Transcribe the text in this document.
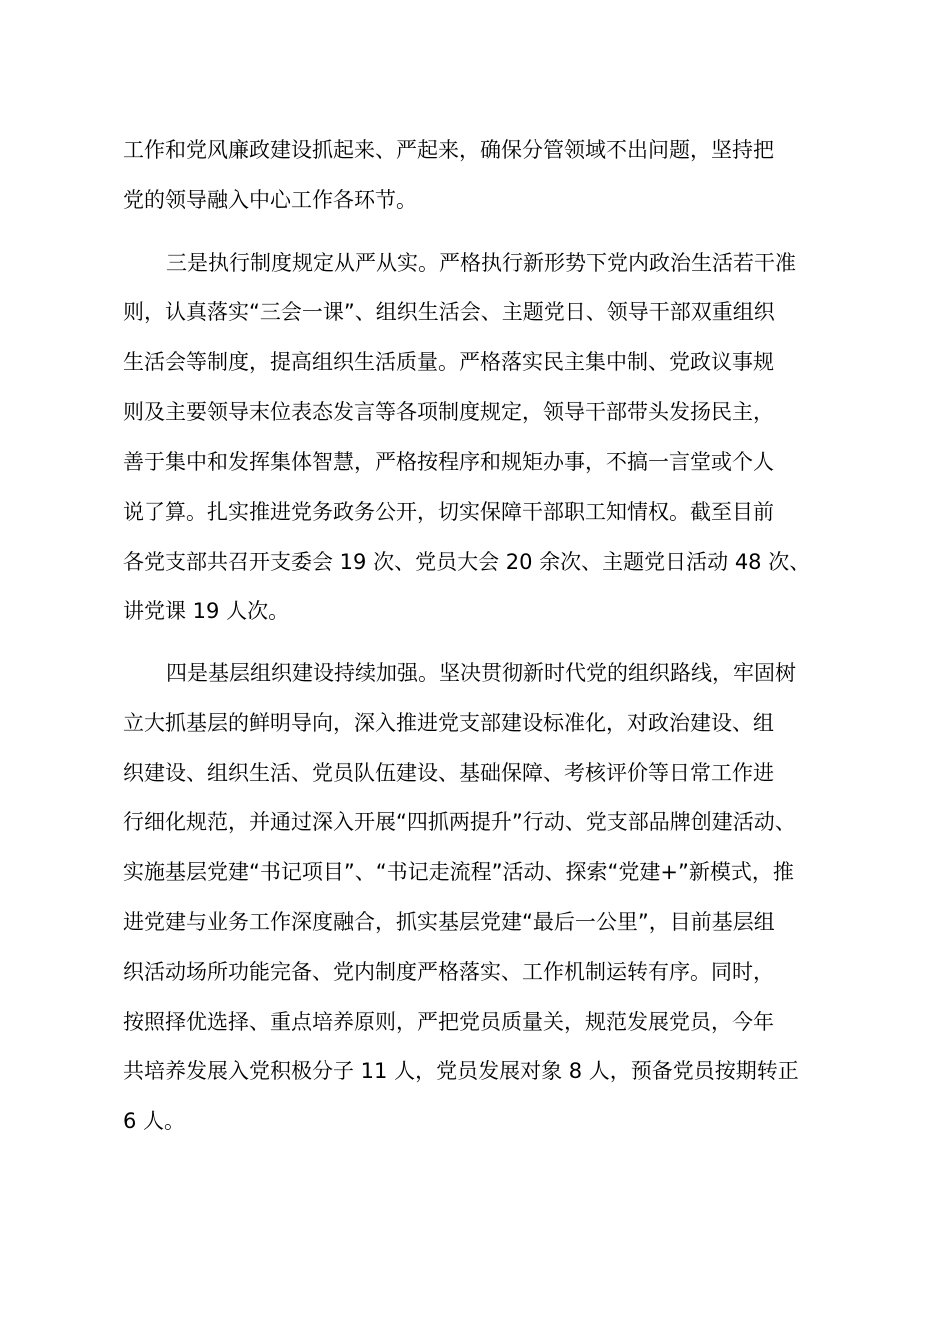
工作和党风廉政建设抓起来、严起来，确保分管领域不出问题，坚持把
党的领导融入中心工作各环节。
三是执行制度规定从严从实。严格执行新形势下党内政治生活若干准
则，认真落实“三会一课”、组织生活会、主题党日、领导干部双重组织
生活会等制度，提高组织生活质量。严格落实民主集中制、党政议事规
则及主要领导末位表态发言等各项制度规定，领导干部带头发扬民主，
善于集中和发挥集体智慧，严格按程序和规矩办事，不搞一言堂或个人
说了算。扎实推进党务政务公开，切实保障干部职工知情权。截至目前
各党支部共召开支委会 19 次、党员大会 20 余次、主题党日活动 48 次、
讲党课 19 人次。
四是基层组织建设持续加强。坚决贯彻新时代党的组织路线，牢固树
立大抓基层的鲜明导向，深入推进党支部建设标准化，对政治建设、组
织建设、组织生活、党员队伍建设、基础保障、考核评价等日常工作进
行细化规范，并通过深入开展“四抓两提升”行动、党支部品牌创建活动、
实施基层党建“书记项目”、“书记走流程”活动、探索“党建+”新模式，推
进党建与业务工作深度融合，抓实基层党建“最后一公里”，目前基层组
织活动场所功能完备、党内制度严格落实、工作机制运转有序。同时，
按照择优选择、重点培养原则，严把党员质量关，规范发展党员，今年
共培养发展入党积极分子 11 人，党员发展对象 8 人，预备党员按期转正
6 人。
